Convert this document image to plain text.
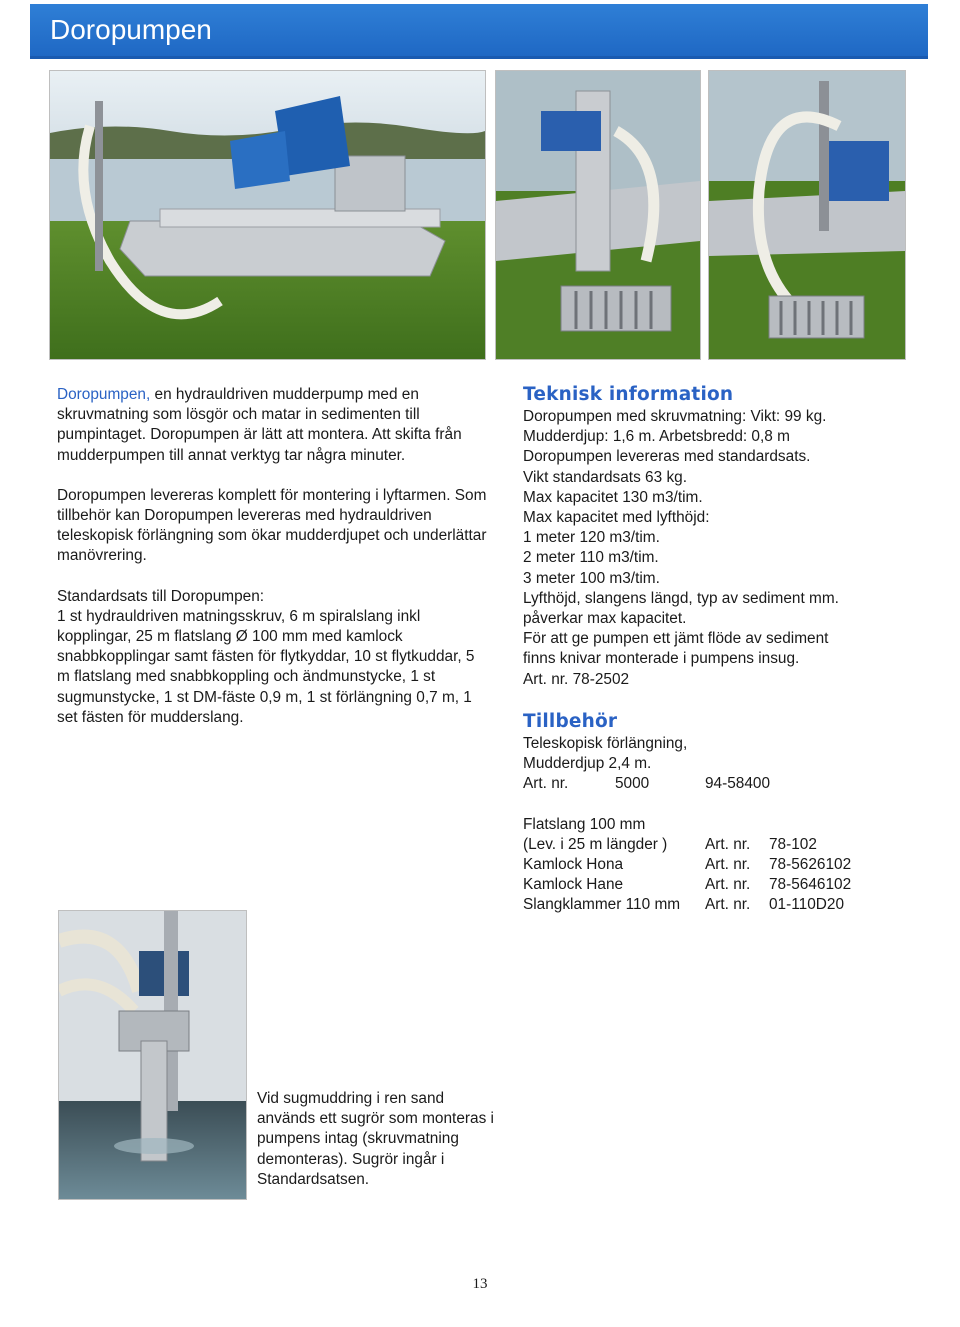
Doropumpen

Doropumpen, en hydrauldriven mudderpump med en skruvmatning som lösgör och matar in sedimenten till pumpintaget. Doropumpen är lätt att montera. Att skifta från mudderpumpen till annat verktyg tar några minuter.

Doropumpen levereras komplett för montering i lyftarmen. Som tillbehör kan Doropumpen levereras med hydrauldriven teleskopisk förlängning som ökar mudderdjupet och underlättar manövrering.

Standardsats till Doropumpen:

1 st hydrauldriven matningsskruv, 6 m spiralslang inkl kopplingar, 25 m flatslang Ø 100 mm med kamlock snabbkopplingar samt fästen för flytkyddar, 10 st flytkuddar, 5 m flatslang med snabbkoppling och ändmunstycke, 1 st sugmunstycke, 1 st DM-fäste 0,9 m, 1 st förlängning 0,7 m, 1 set fästen för mudderslang.

Teknisk information
Doropumpen med skruvmatning: Vikt: 99 kg.
Mudderdjup: 1,6 m. Arbetsbredd: 0,8 m
Doropumpen levereras med standardsats.
Vikt standardsats 63 kg.
Max kapacitet 130 m3/tim.
Max kapacitet med lyfthöjd:
1 meter 120 m3/tim.
2 meter 110 m3/tim.
3 meter 100 m3/tim.
Lyfthöjd, slangens längd, typ av sediment mm.
påverkar max kapacitet.
För att ge pumpen ett jämt flöde av sediment
finns knivar monterade i pumpens insug.
Art. nr. 78-2502
Tillbehör
Teleskopisk förlängning,
Mudderdjup 2,4 m.
Art. nr.	5000	94-58400
Flatslang 100 mm
(Lev. i 25 m längder )	Art. nr.	78-102
Kamlock Hona	Art. nr.	78-5626102
Kamlock Hane	Art. nr.	78-5646102
Slangklammer 110 mm	Art. nr.	01-110D20

Vid sugmuddring i ren sand används ett sugrör som monteras i pumpens intag (skruvmatning demonteras). Sugrör ingår i Standardsatsen.

13
